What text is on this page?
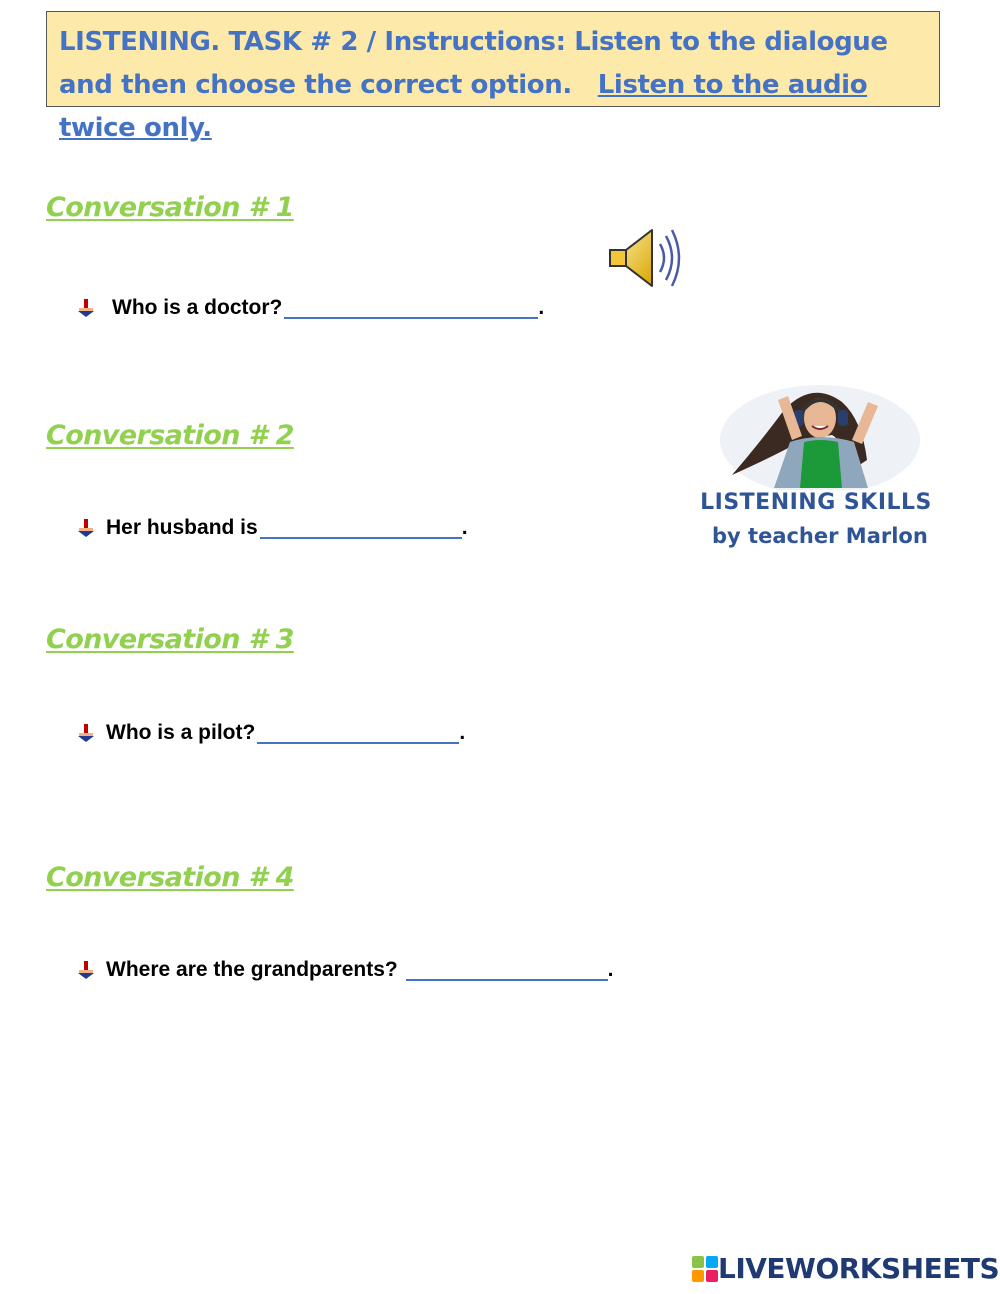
LISTENING. TASK # 2 / Instructions: Listen to the dialogue and then choose the correct option. Listen to the audio twice only.
Conversation # 1
Who is a doctor?	.
Conversation # 2
Her husband is	.
LISTENING SKILLS
by teacher Marlon
Conversation # 3
Who is a pilot?	.
Conversation # 4
Where are the grandparents?	.
LIVEWORKSHEETS
